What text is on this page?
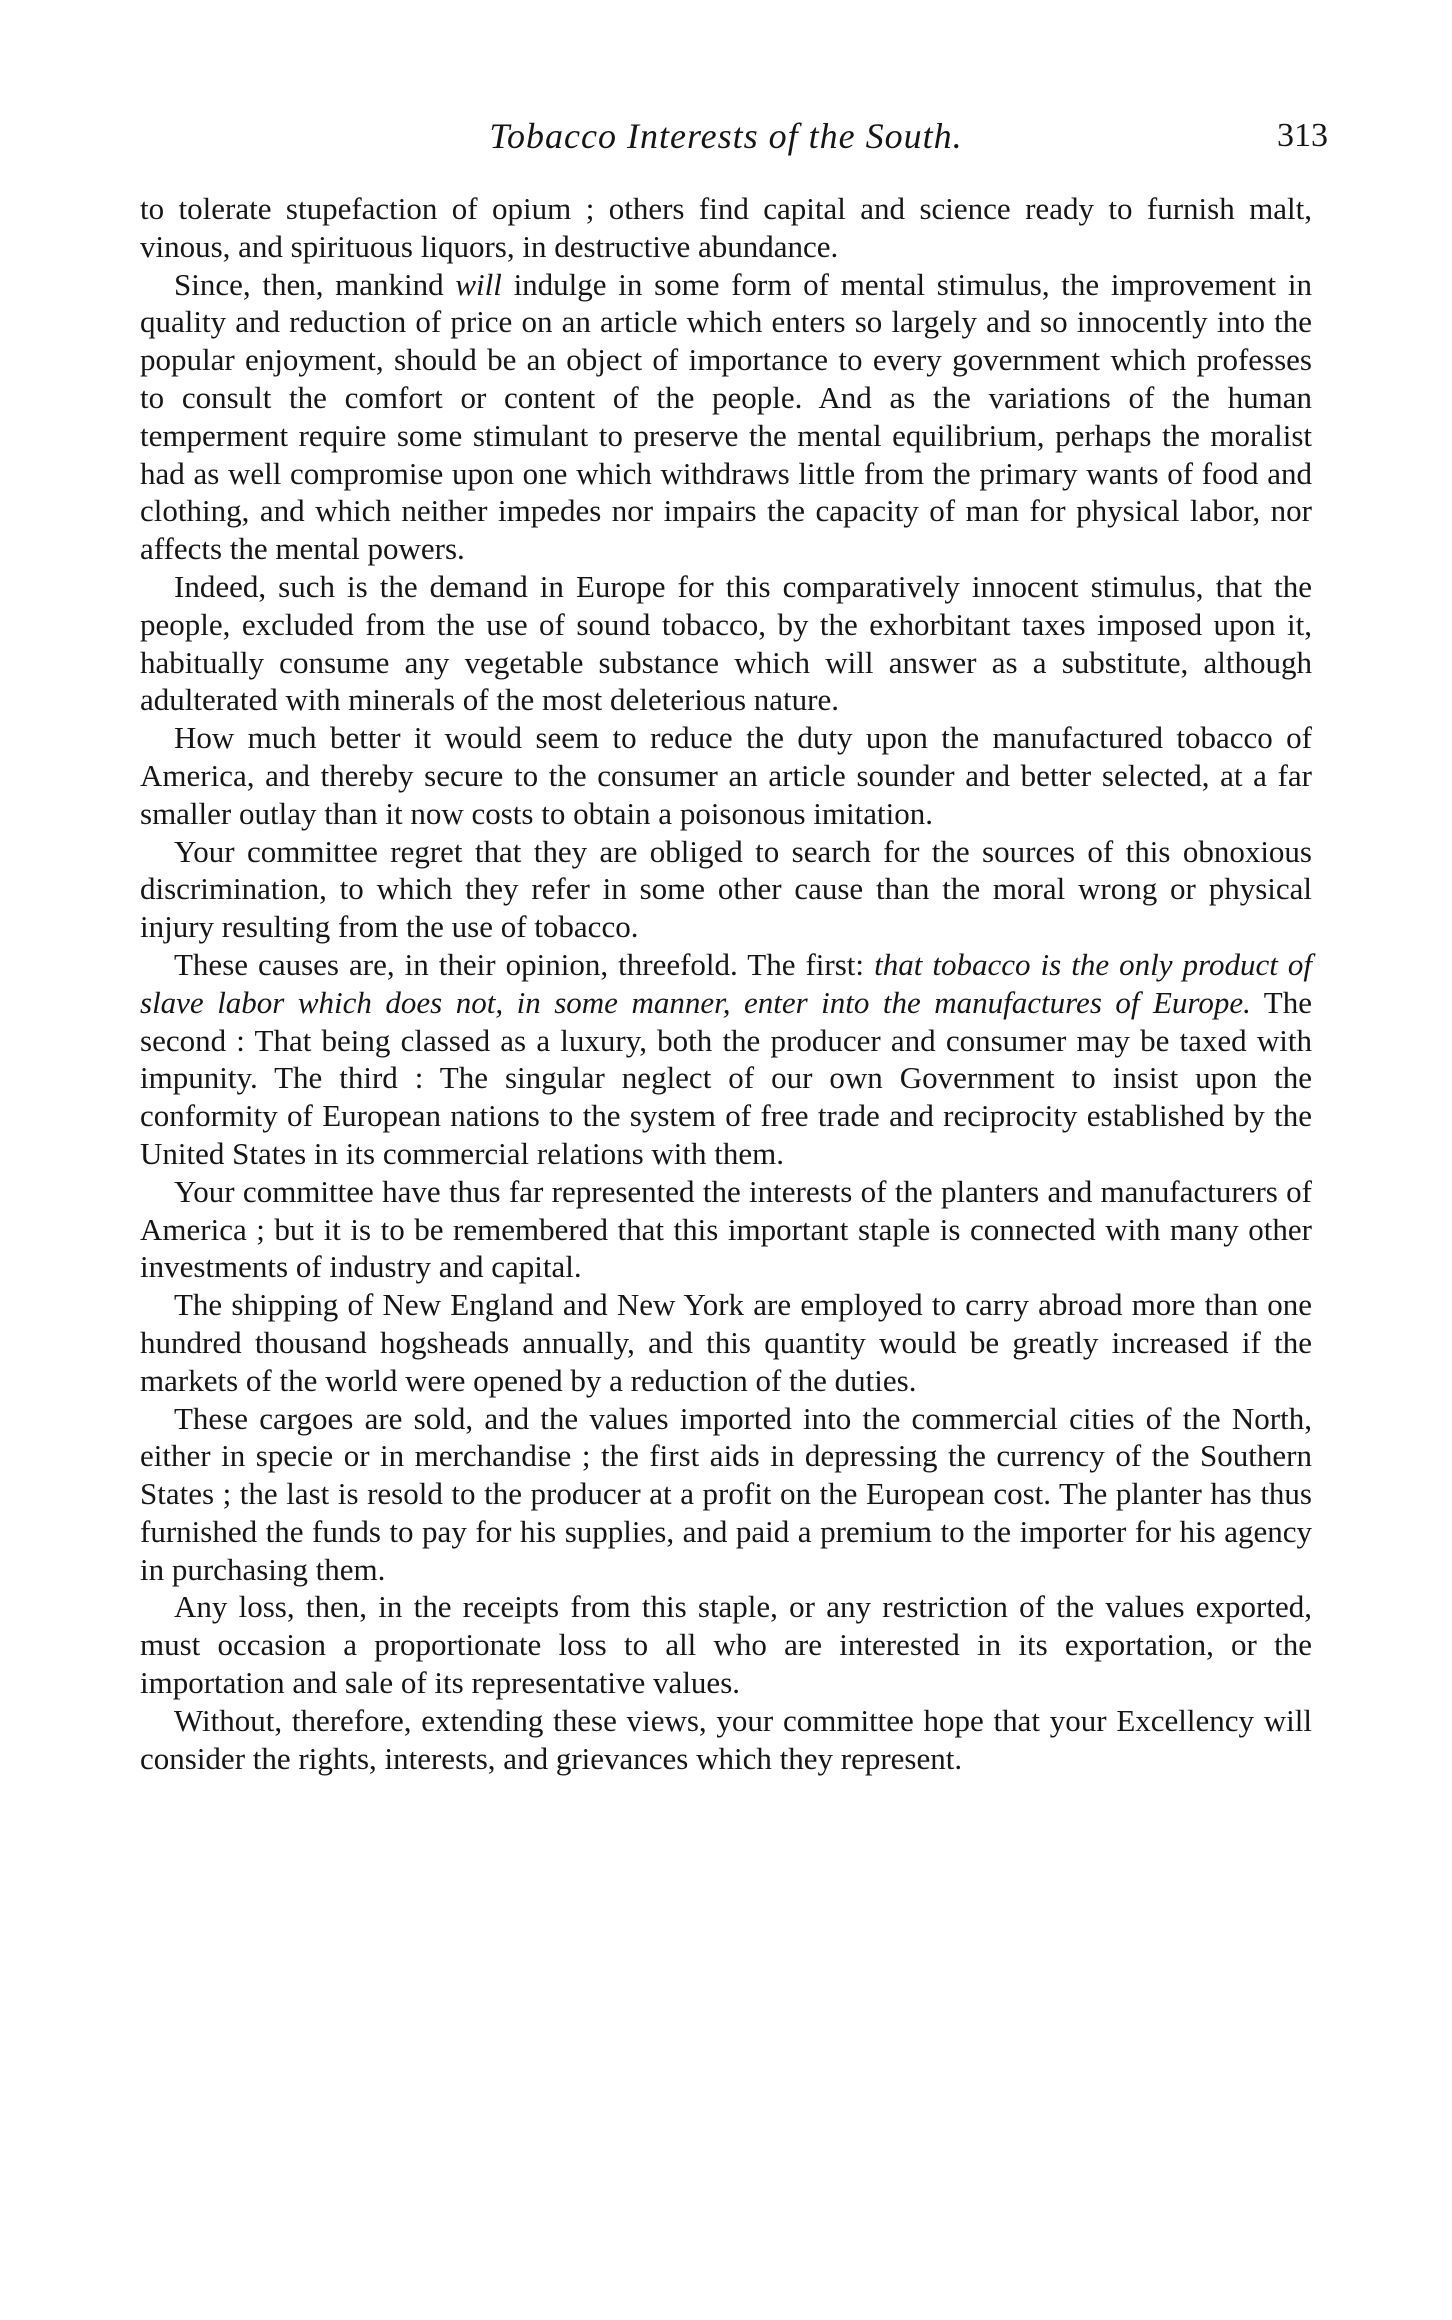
Tobacco Interests of the South.	313

to tolerate stupefaction of opium ; others find capital and science ready to furnish malt, vinous, and spirituous liquors, in destructive abundance.

Since, then, mankind will indulge in some form of mental stimulus, the improvement in quality and reduction of price on an article which enters so largely and so innocently into the popular enjoyment, should be an object of importance to every government which professes to consult the comfort or content of the people. And as the variations of the human temperment require some stimulant to preserve the mental equilibrium, perhaps the moralist had as well compromise upon one which withdraws little from the primary wants of food and clothing, and which neither impedes nor impairs the capacity of man for physical labor, nor affects the mental powers.

Indeed, such is the demand in Europe for this comparatively innocent stimulus, that the people, excluded from the use of sound tobacco, by the exhorbitant taxes imposed upon it, habitually consume any vegetable substance which will answer as a substitute, although adulterated with minerals of the most deleterious nature.

How much better it would seem to reduce the duty upon the manufactured tobacco of America, and thereby secure to the consumer an article sounder and better selected, at a far smaller outlay than it now costs to obtain a poisonous imitation.

Your committee regret that they are obliged to search for the sources of this obnoxious discrimination, to which they refer in some other cause than the moral wrong or physical injury resulting from the use of tobacco.

These causes are, in their opinion, threefold. The first: that tobacco is the only product of slave labor which does not, in some manner, enter into the manufactures of Europe. The second : That being classed as a luxury, both the producer and consumer may be taxed with impunity. The third : The singular neglect of our own Government to insist upon the conformity of European nations to the system of free trade and reciprocity established by the United States in its commercial relations with them.

Your committee have thus far represented the interests of the planters and manufacturers of America ; but it is to be remembered that this important staple is connected with many other investments of industry and capital.

The shipping of New England and New York are employed to carry abroad more than one hundred thousand hogsheads annually, and this quantity would be greatly increased if the markets of the world were opened by a reduction of the duties.

These cargoes are sold, and the values imported into the commercial cities of the North, either in specie or in merchandise ; the first aids in depressing the currency of the Southern States ; the last is resold to the producer at a profit on the European cost. The planter has thus furnished the funds to pay for his supplies, and paid a premium to the importer for his agency in purchasing them.

Any loss, then, in the receipts from this staple, or any restriction of the values exported, must occasion a proportionate loss to all who are interested in its exportation, or the importation and sale of its representative values.

Without, therefore, extending these views, your committee hope that your Excellency will consider the rights, interests, and grievances which they represent.
